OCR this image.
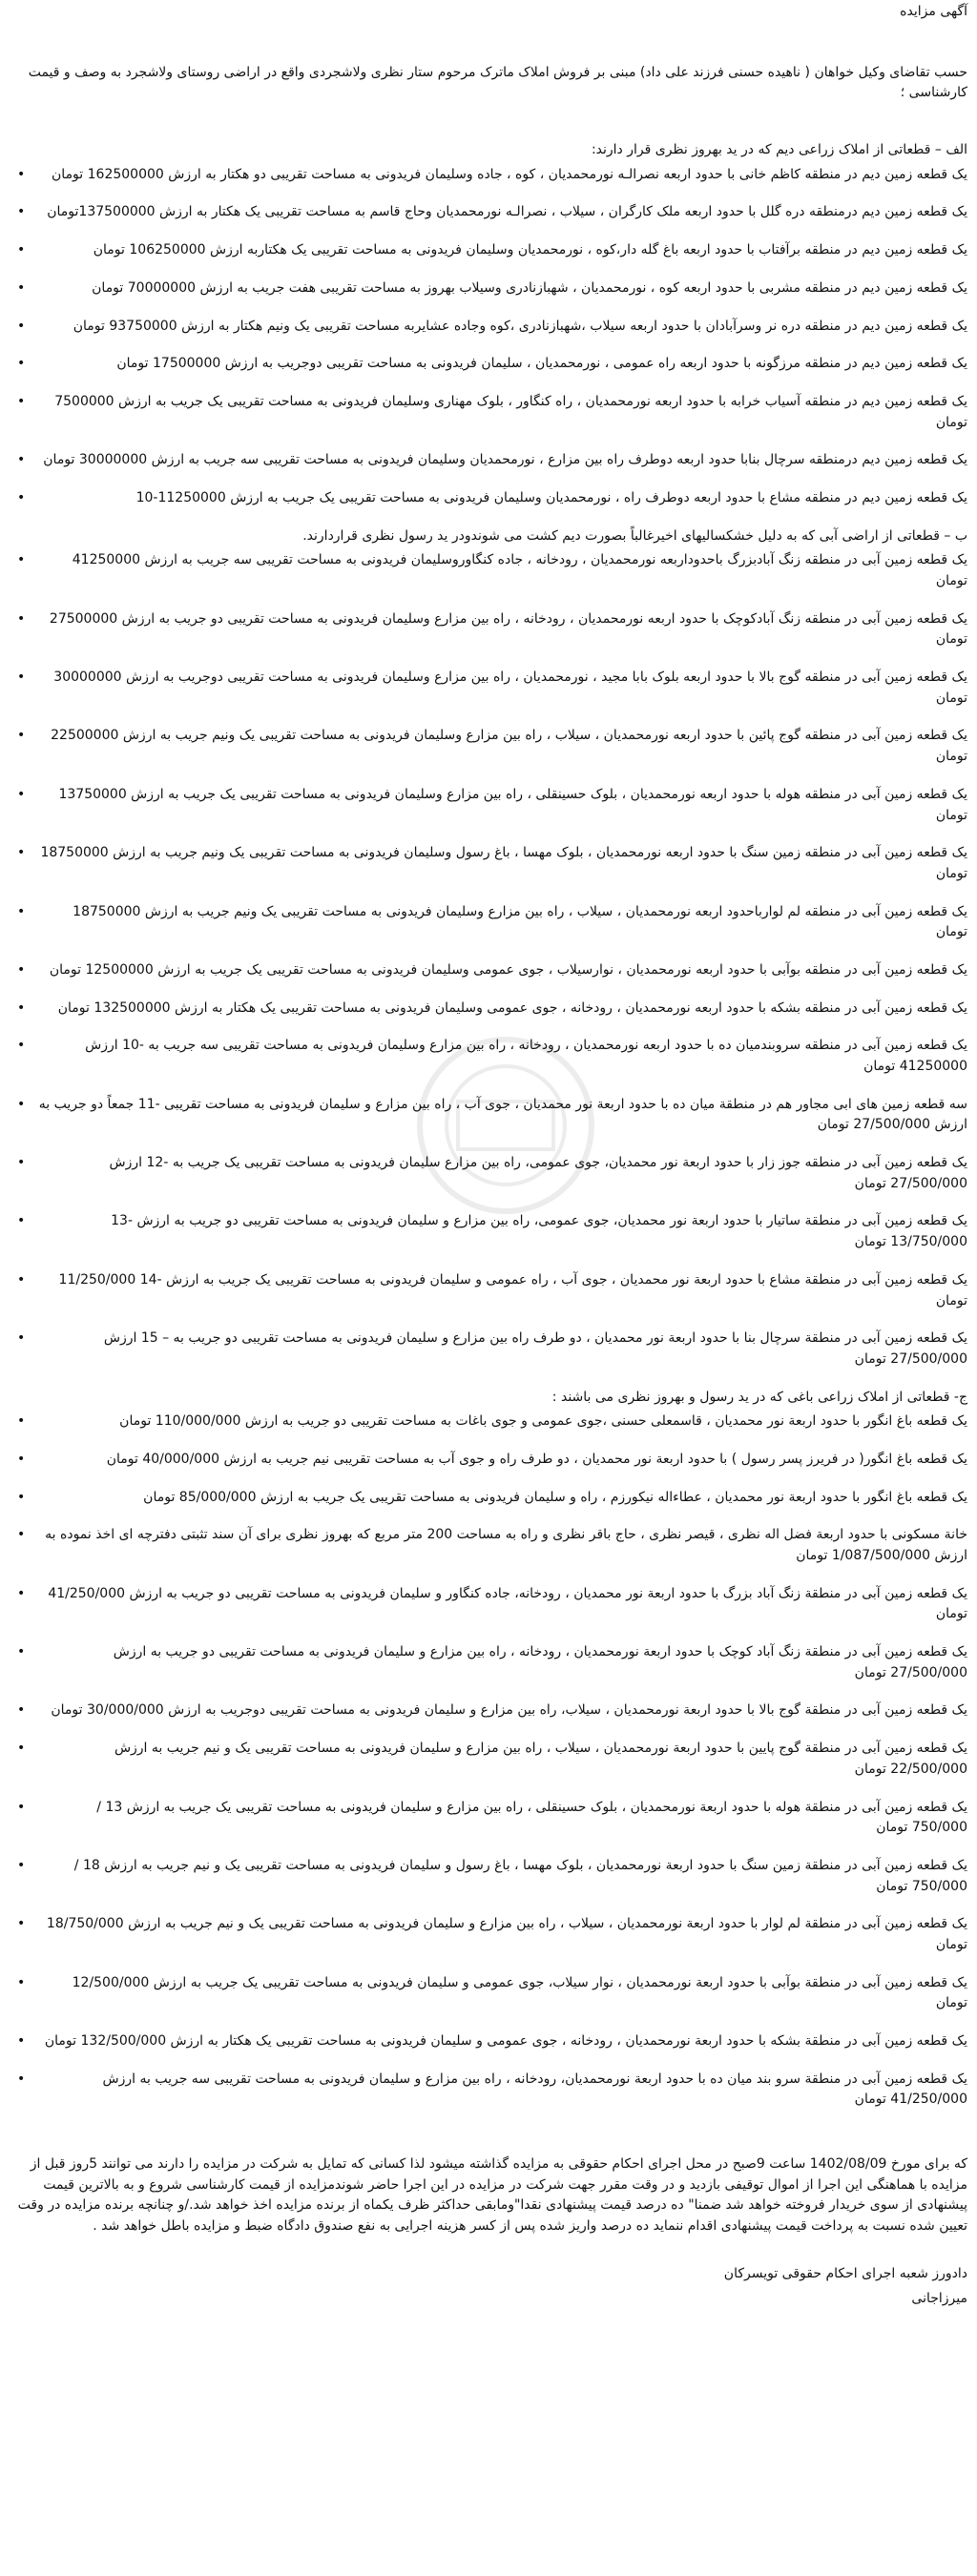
آگهی مزایده
حسب تقاضای وکیل خواهان ( ناهیده حسنی فرزند علی داد) مبنی بر فروش املاک ماترک مرحوم ستار نظری ولاشجردی واقع در اراضی روستای ولاشجرد به وصف و قیمت کارشناسی ؛
الف – قطعاتی از املاک زراعی دیم که در ید بهروز نظری قرار دارند:
یک قطعه زمین دیم در منطقه کاظم خانی با حدود اربعه نصرالـه نورمحمدیان ، کوه ، جاده وسلیمان فریدونی به مساحت تقریبی دو هکتار به ارزش 162500000 تومان •
یک قطعه زمین دیم درمنطقه دره گلل با حدود اربعه ملک کارگران ، سیلاب ، نصرالـه نورمحمدیان وحاج قاسم به مساحت تقریبی یک هکتار به ارزش 137500000تومان •
یک قطعه زمین دیم در منطقه برآفتاب با حدود اربعه باغ گله دار،کوه ، نورمحمدیان وسلیمان فریدونی به مساحت تقریبی یک هکتاربه ارزش 106250000 تومان •
یک قطعه زمین دیم در منطقه مشربی با حدود اربعه کوه ، نورمحمدیان ، شهبازنادری وسیلاب بهروز به مساحت تقریبی هفت جریب به ارزش 70000000 تومان •
یک قطعه زمین دیم در منطقه دره نر وسرآبادان با حدود اربعه سیلاب ،شهبازنادری ،کوه وجاده عشایربه مساحت تقریبی یک ونیم هکتار به ارزش 93750000 تومان •
یک قطعه زمین دیم در منطقه مرزگونه با حدود اربعه راه عمومی ، نورمحمدیان ، سلیمان فریدونی به مساحت تقریبی دوجریب به ارزش 17500000 تومان •
یک قطعه زمین دیم در منطقه آسیاب خرابه با حدود اربعه نورمحمدیان ، راه کنگاور ، بلوک مهناری وسلیمان فریدونی به مساحت تقریبی یک جریب به ارزش 7500000 تومان •
یک قطعه زمین دیم درمنطقه سرچال بنابا حدود اربعه دوطرف راه بین مزارع ، نورمحمدیان وسلیمان فریدونی به مساحت تقریبی سه جریب به ارزش 30000000 تومان •
یک قطعه زمین دیم در منطقه مشاع با حدود اربعه دوطرف راه ، نورمحمدیان وسلیمان فریدونی به مساحت تقریبی یک جریب به ارزش 11250000-10 •
ب – قطعاتی از اراضی آبی که به دلیل خشکسالیهای اخیرغالباً بصورت دیم کشت می شوندودر ید رسول نظری قراردارند.
یک قطعه زمین آبی در منطقه زنگ آبادبزرگ باحدوداربعه نورمحمدیان ، رودخانه ، جاده کنگاوروسلیمان فریدونی به مساحت تقریبی سه جریب به ارزش 41250000 تومان •
یک قطعه زمین آبی در منطقه زنگ آبادکوچک با حدود اربعه نورمحمدیان ، رودخانه ، راه بین مزارع وسلیمان فریدونی به مساحت تقریبی دو جریب به ارزش 27500000 تومان •
یک قطعه زمین آبی در منطقه گوج بالا با حدود اربعه بلوک بابا مجید ، نورمحمدیان ، راه بین مزارع وسلیمان فریدونی به مساحت تقریبی دوجریب به ارزش 30000000 تومان •
یک قطعه زمین آبی در منطقه گوج پائین با حدود اربعه نورمحمدیان ، سیلاب ، راه بین مزارع وسلیمان فریدونی به مساحت تقریبی یک ونیم جریب به ارزش 22500000 تومان •
یک قطعه زمین آبی در منطقه هوله با حدود اربعه نورمحمدیان ، بلوک حسینقلی ، راه بین مزارع وسلیمان فریدونی به مساحت تقریبی یک جریب به ارزش 13750000 تومان •
یک قطعه زمین آبی در منطقه زمین سنگ با حدود اربعه نورمحمدیان ، بلوک مهسا ، باغ رسول وسلیمان فریدونی به مساحت تقریبی یک ونیم جریب به ارزش 18750000 تومان •
یک قطعه زمین آبی در منطقه لم لوارباحدود اربعه نورمحمدیان ، سیلاب ، راه بین مزارع وسلیمان فریدونی به مساحت تقریبی یک ونیم جریب به ارزش 18750000 تومان •
یک قطعه زمین آبی در منطقه بوآبی با حدود اربعه نورمحمدیان ، نوارسیلاب ، جوی عمومی وسلیمان فریدونی به مساحت تقریبی یک جریب به ارزش 12500000 تومان •
یک قطعه زمین آبی در منطقه بشکه با حدود اربعه نورمحمدیان ، رودخانه ، جوی عمومی وسلیمان فریدونی به مساحت تقریبی یک هکتار به ارزش 132500000 تومان •
یک قطعه زمین آبی در منطقه سروبندمیان ده با حدود اربعه نورمحمدیان ، رودخانه ، راه بین مزارع وسلیمان فریدونی به مساحت تقریبی سه جریب به -10 ارزش 41250000 تومان •
سه قطعه زمین های ابی مجاور هم در منطقة میان ده با حدود اربعة نور محمدیان ، جوی آب ، راه بین مزارع و سلیمان فریدونی به مساحت تقریبی -11 جمعاً دو جریب به ارزش 27/500/000 تومان •
یک قطعه زمین آبی در منطقه جوز زار با حدود اربعة نور محمدیان، جوی عمومی، راه بین مزارع سلیمان فریدونی به مساحت تقریبی یک جریب به -12 ارزش 27/500/000 تومان •
یک قطعه زمین آبی در منطقة ساتیار با حدود اربعة نور محمدیان، جوی عمومی، راه بین مزارع و سلیمان فریدونی به مساحت تقریبی دو جریب به ارزش -13 13/750/000 تومان •
یک قطعه زمین آبی در منطقة مشاع با حدود اربعة نور محمدیان ، جوی آب ، راه عمومی و سلیمان فریدونی به مساحت تقریبی یک جریب به ارزش -14 11/250/000 تومان •
یک قطعه زمین آبی در منطقة سرچال بنا با حدود اربعة نور محمدیان ، دو طرف راه بین مزارع و سلیمان فریدونی به مساحت تقریبی دو جریب به – 15 ارزش 27/500/000 تومان •
ج- قطعاتی از املاک زراعی باغی که در ید رسول و بهروز نظری می باشند :
یک قطعه باغ انگور با حدود اربعة نور محمدیان ، قاسمعلی حسنی ،جوی عمومی و جوی باغات به مساحت تقریبی دو جریب به ارزش 110/000/000 تومان •
یک قطعه باغ انگور( در فریرز پسر رسول ) با حدود اربعة نور محمدیان ، دو طرف راه و جوی آب به مساحت تقریبی نیم جریب به ارزش 40/000/000 تومان •
یک قطعه باغ انگور با حدود اربعة نور محمدیان ، عطاءاله نیکورزم ، راه و سلیمان فریدونی به مساحت تقریبی یک جریب به ارزش 85/000/000 تومان •
خانة مسکونی با حدود اربعة فضل اله نظری ، قیصر نظری ، حاج باقر نظری و راه به مساحت 200 متر مربع که بهروز نظری برای آن سند تثبتی دفترچه ای اخذ نموده به ارزش 1/087/500/000 تومان •
یک قطعه زمین آبی در منطقة زنگ آباد بزرگ با حدود اربعة نور محمدیان ، رودخانه، جاده کنگاور و سلیمان فریدونی به مساحت تقریبی دو جریب به ارزش 41/250/000 تومان •
یک قطعه زمین آبی در منطقة زنگ آباد کوچک با حدود اربعة نورمحمدیان ، رودخانه ، راه بین مزارع و سلیمان فریدونی به مساحت تقریبی دو جریب به ارزش 27/500/000 تومان •
یک قطعه زمین آبی در منطقة گوج بالا با حدود اربعة نورمحمدیان ، سیلاب، راه بین مزارع و سلیمان فریدونی به مساحت تقریبی دوجریب به ارزش 30/000/000 تومان •
یک قطعه زمین آبی در منطقة گوج پایین با حدود اربعة نورمحمدیان ، سیلاب ، راه بین مزارع و سلیمان فریدونی به مساحت تقریبی یک و نیم جریب به ارزش 22/500/000 تومان •
یک قطعه زمین آبی در منطقة هوله با حدود اربعة نورمحمدیان ، بلوک حسینقلی ، راه بین مزارع و سلیمان فریدونی به مساحت تقریبی یک جریب به ارزش 13 / 750/000 تومان •
یک قطعه زمین آبی در منطقة زمین سنگ با حدود اربعة نورمحمدیان ، بلوک مهسا ، باغ رسول و سلیمان فریدونی به مساحت تقریبی یک و نیم جریب به ارزش 18 / 750/000 تومان •
یک قطعه زمین آبی در منطقة لم لوار با حدود اربعة نورمحمدیان ، سیلاب ، راه بین مزارع و سلیمان فریدونی به مساحت تقریبی یک و نیم جریب به ارزش 18/750/000 تومان •
یک قطعه زمین آبی در منطقة بوآبی با حدود اربعة نورمحمدیان ، نوار سیلاب، جوی عمومی و سلیمان فریدونی به مساحت تقریبی یک جریب به ارزش 12/500/000 تومان •
یک قطعه زمین آبی در منطقة بشکه با حدود اربعة نورمحمدیان ، رودخانه ، جوی عمومی و سلیمان فریدونی به مساحت تقریبی یک هکتار به ارزش 132/500/000 تومان •
یک قطعه زمین آبی در منطقة سرو بند میان ده با حدود اربعة نورمحمدیان، رودخانه ، راه بین مزارع و سلیمان فریدونی به مساحت تقریبی سه جریب به ارزش 41/250/000 تومان •
که برای مورخ 1402/08/09 ساعت 9صبح در محل اجرای احکام حقوقی به مزایده گذاشته میشود لذا کسانی که تمایل به شرکت در مزایده را دارند می توانند 5روز قبل از مزایده با هماهنگی این اجرا از اموال توقیفی بازدید و در وقت مقرر جهت شرکت در مزایده در این اجرا حاضر شوندمزایده از قیمت کارشناسی شروع و به بالاترین قیمت پیشنهادی از سوی خریدار فروخته خواهد شد ضمنا" ده درصد قیمت پیشنهادی نقدا"ومابقی حداکثر ظرف یکماه از برنده مزایده اخذ خواهد شد./و چنانچه برنده مزایده در وقت تعیین شده نسبت به پرداخت قیمت پیشنهادی اقدام ننماید ده درصد واریز شده پس از کسر هزینه اجرایی به نفع صندوق دادگاه ضبط و مزایده باطل خواهد شد .
دادورز شعبه اجرای احکام حقوقی تویسرکان
میرزاجانی
